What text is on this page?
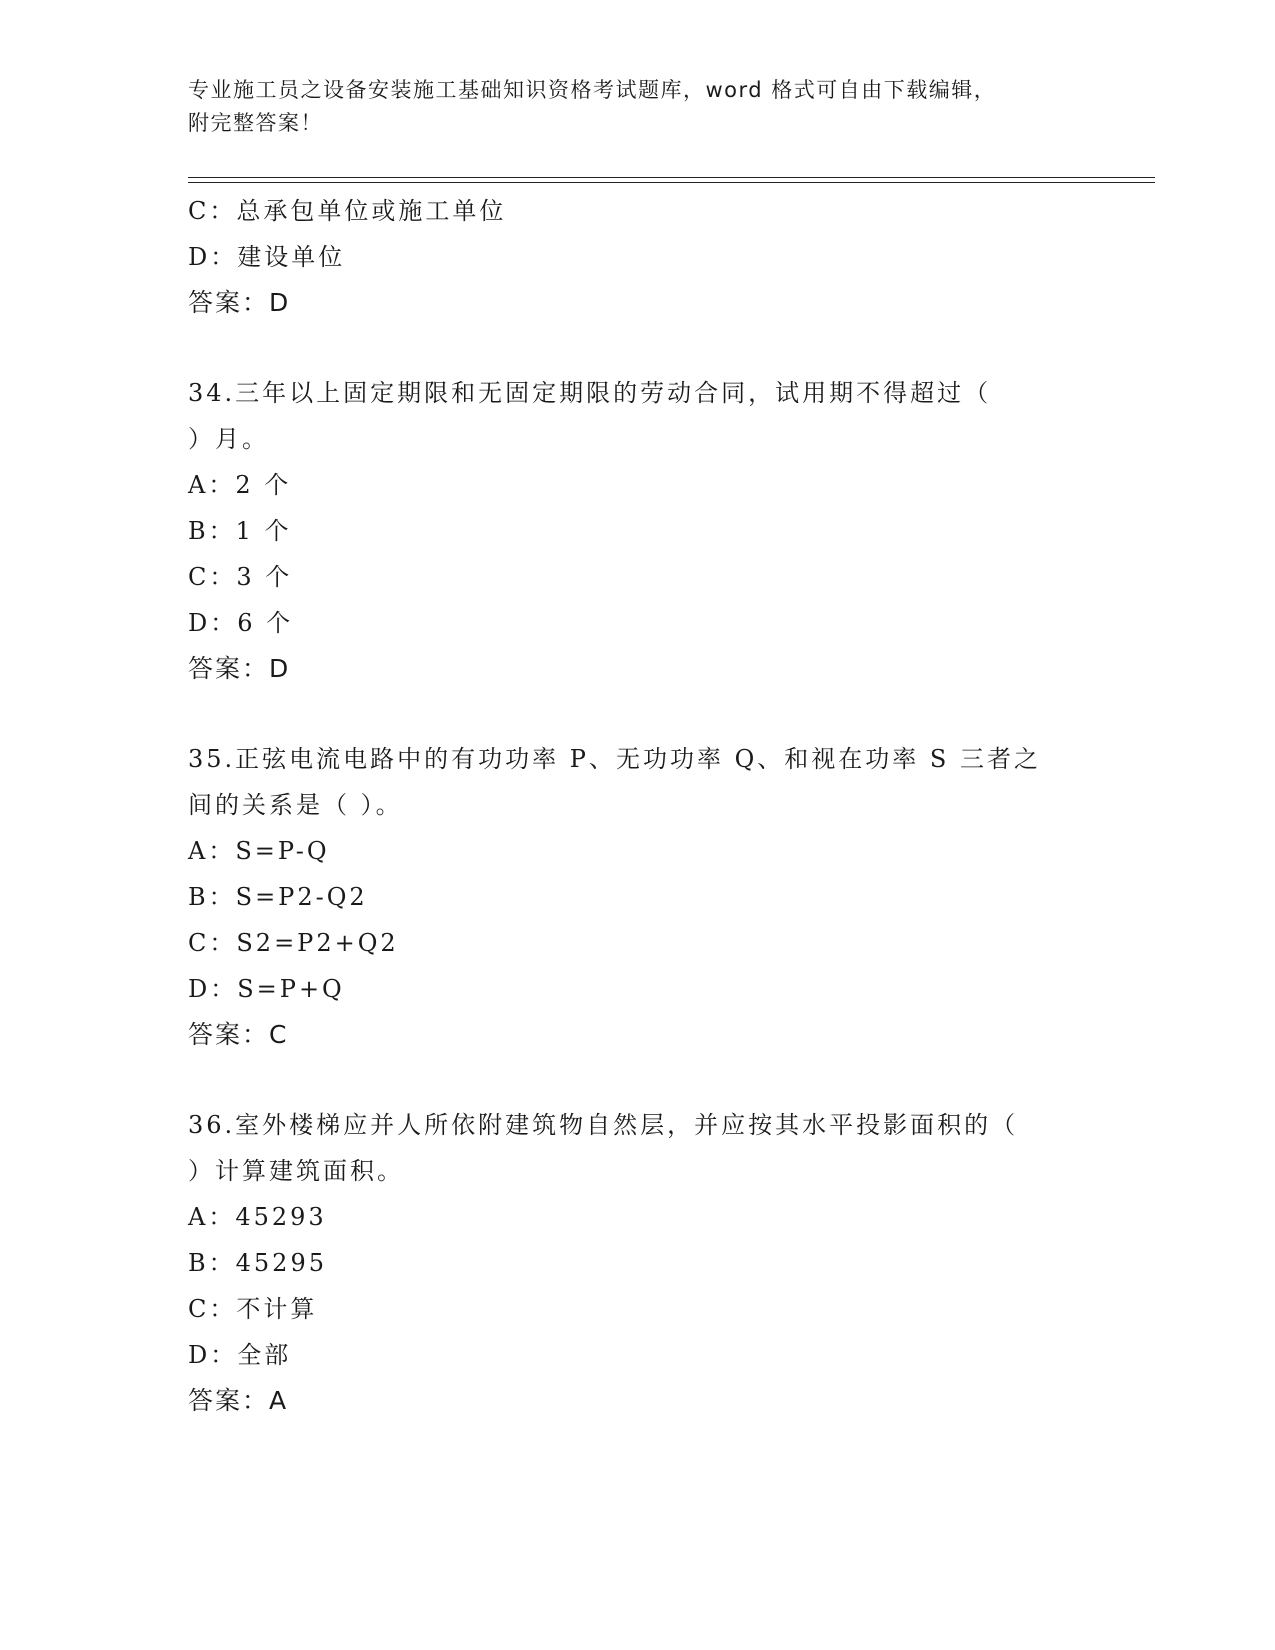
专业施工员之设备安装施工基础知识资格考试题库，word 格式可自由下载编辑，
附完整答案！
C：总承包单位或施工单位
D：建设单位
答案：D
34.三年以上固定期限和无固定期限的劳动合同，试用期不得超过（
）月。
A：2 个
B：1 个
C：3 个
D：6 个
答案：D
35.正弦电流电路中的有功功率 P、无功功率 Q、和视在功率 S 三者之
间的关系是（ ）。
A：S=P-Q
B：S=P2-Q2
C：S2=P2+Q2
D：S=P+Q
答案：C
36.室外楼梯应并人所依附建筑物自然层，并应按其水平投影面积的（
）计算建筑面积。
A：45293
B：45295
C：不计算
D：全部
答案：A
